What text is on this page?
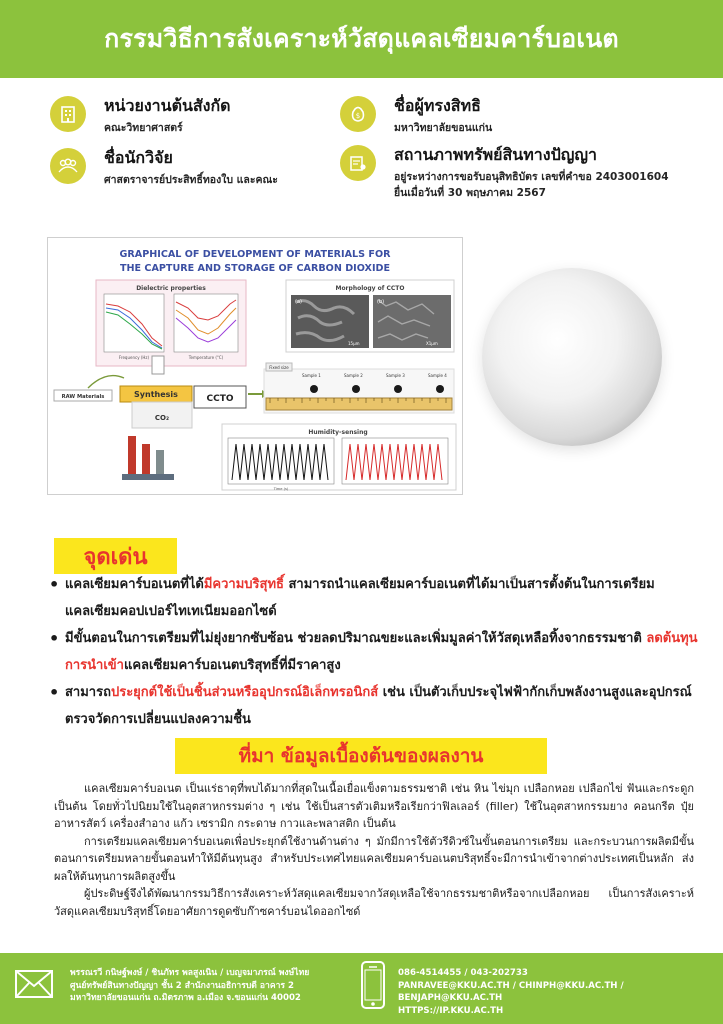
กรรมวิธีการสังเคราะห์วัสดุแคลเซียมคาร์บอเนต
หน่วยงานต้นสังกัด
คณะวิทยาศาสตร์
$
ชื่อผู้ทรงสิทธิ
มหาวิทยาลัยขอนแก่น
ชื่อนักวิจัย
ศาสตราจารย์ประสิทธิ์ทองใบ และคณะ
สถานภาพทรัพย์สินทางปัญญา
อยู่ระหว่างการขอรับอนุสิทธิบัตร เลขที่คำขอ 2403001604
ยื่นเมื่อวันที่ 30 พฤษภาคม 2567
GRAPHICAL OF DEVELOPMENT OF MATERIALS FOR
THE CAPTURE AND STORAGE OF CARBON DIOXIDE
Dielectric properties
Frequency (Hz)	Temperature (°C)
Morphology of CCTO
(a)
15μm
(b)
X1μm
RAW Materials	Synthesis
CO₂
CCTO
Fixed size
Sample 1	Sample 2	Sample 3	Sample 4
Humidity-sensing
Time (s)
จุดเด่น
• แคลเซียมคาร์บอเนตที่ได้มีความบริสุทธิ์ สามารถนำแคลเซียมคาร์บอเนตที่ได้มาเป็นสารตั้งต้นในการเตรียมแคลเซียมคอปเปอร์ไทเทเนียมออกไซด์
• มีขั้นตอนในการเตรียมที่ไม่ยุ่งยากซับซ้อน ช่วยลดปริมาณขยะและเพิ่มมูลค่าให้วัสดุเหลือทิ้งจากธรรมชาติ ลดต้นทุนการนำเข้าแคลเซียมคาร์บอเนตบริสุทธิ์ที่มีราคาสูง
• สามารถประยุกต์ใช้เป็นชิ้นส่วนหรืออุปกรณ์อิเล็กทรอนิกส์ เช่น เป็นตัวเก็บประจุไฟฟ้ากักเก็บพลังงานสูงและอุปกรณ์ตรวจวัดการเปลี่ยนแปลงความชื้น
ที่มา ข้อมูลเบื้องต้นของผลงาน

แคลเซียมคาร์บอเนต เป็นแร่ธาตุที่พบได้มากที่สุดในเนื้อเยื่อแข็งตามธรรมชาติ เช่น หิน ไข่มุก เปลือกหอย เปลือกไข่ ฟันและกระดูก เป็นต้น โดยทั่วไปนิยมใช้ในอุตสาหกรรมต่าง ๆ เช่น ใช้เป็นสารตัวเติมหรือเรียกว่าฟิลเลอร์ (filler) ใช้ในอุตสาหกรรมยาง คอนกรีต ปุ๋ย อาหารสัตว์ เครื่องสำอาง แก้ว เซรามิก กระดาษ กาวและพลาสติก เป็นต้น

การเตรียมแคลเซียมคาร์บอเนตเพื่อประยุกต์ใช้งานด้านต่าง ๆ มักมีการใช้ตัวรีดิวซ์ในขั้นตอนการเตรียม และกระบวนการผลิตมีขั้นตอนการเตรียมหลายขั้นตอนทำให้มีต้นทุนสูง สำหรับประเทศไทยแคลเซียมคาร์บอเนตบริสุทธิ์จะมีการนำเข้าจากต่างประเทศเป็นหลัก ส่งผลให้ต้นทุนการผลิตสูงขึ้น

ผู้ประดิษฐ์จึงได้พัฒนากรรมวิธีการสังเคราะห์วัสดุแคลเซียมจากวัสดุเหลือใช้จากธรรมชาติหรือจากเปลือกหอย เป็นการสังเคราะห์วัสดุแคลเซียมบริสุทธิ์โดยอาศัยการดูดซับก๊าซคาร์บอนไดออกไซด์

พรรณรวี กนิษฐ์พงษ์ / ชินภัทร พลสูงเนิน / เบญจมาภรณ์ พงษ์ไทย
ศูนย์ทรัพย์สินทางปัญญา ชั้น 2 สำนักงานอธิการบดี อาคาร 2
มหาวิทยาลัยขอนแก่น ถ.มิตรภาพ อ.เมือง จ.ขอนแก่น 40002
086-4514455 / 043-202733
PANRAVEE@KKU.AC.TH / CHINPH@KKU.AC.TH / BENJAPH@KKU.AC.TH
HTTPS://IP.KKU.AC.TH
